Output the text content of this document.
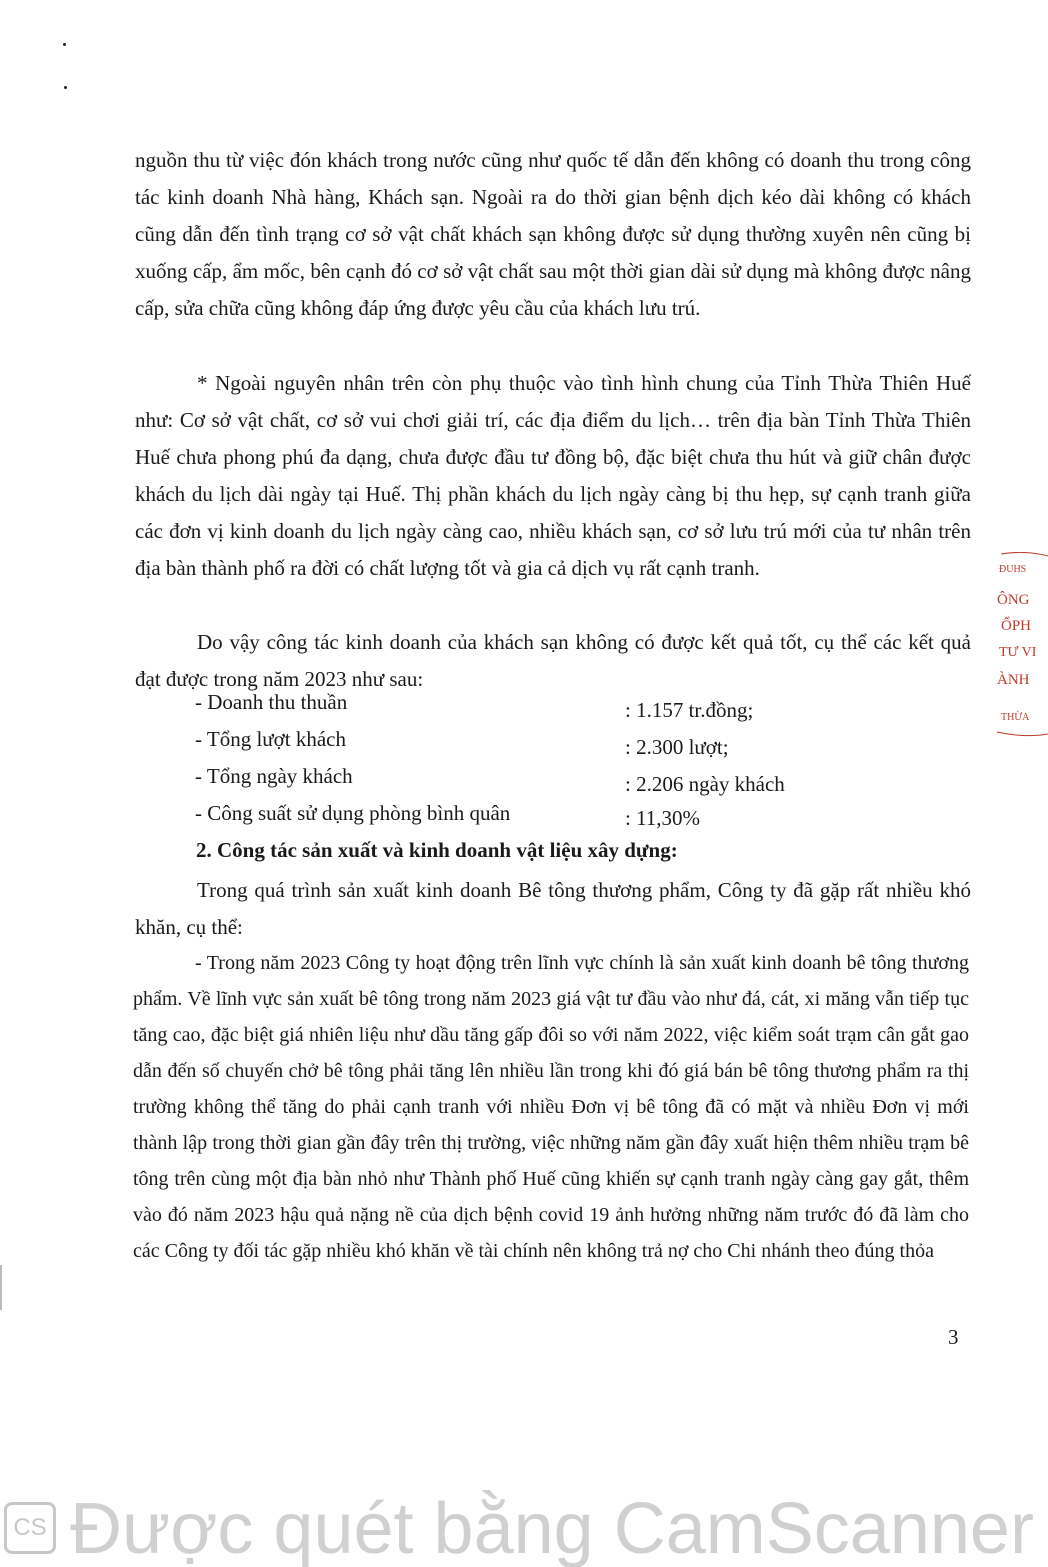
nguồn thu từ việc đón khách trong nước cũng như quốc tế dẫn đến không có doanh thu trong công tác kinh doanh Nhà hàng, Khách sạn. Ngoài ra do thời gian bệnh dịch kéo dài không có khách cũng dẫn đến tình trạng cơ sở vật chất khách sạn không được sử dụng thường xuyên nên cũng bị xuống cấp, ẩm mốc, bên cạnh đó cơ sở vật chất sau một thời gian dài sử dụng mà không được nâng cấp, sửa chữa cũng không đáp ứng được yêu cầu của khách lưu trú.
* Ngoài nguyên nhân trên còn phụ thuộc vào tình hình chung của Tỉnh Thừa Thiên Huế như: Cơ sở vật chất, cơ sở vui chơi giải trí, các địa điểm du lịch… trên địa bàn Tỉnh Thừa Thiên Huế chưa phong phú đa dạng, chưa được đầu tư đồng bộ, đặc biệt chưa thu hút và giữ chân được khách du lịch dài ngày tại Huế. Thị phần khách du lịch ngày càng bị thu hẹp, sự cạnh tranh giữa các đơn vị kinh doanh du lịch ngày càng cao, nhiều khách sạn, cơ sở lưu trú mới của tư nhân trên địa bàn thành phố ra đời có chất lượng tốt và gia cả dịch vụ rất cạnh tranh.
Do vậy công tác kinh doanh của khách sạn không có được kết quả tốt, cụ thể các kết quả đạt được trong năm 2023 như sau:
- Doanh thu thuần	: 1.157 tr.đồng;
- Tổng lượt khách	: 2.300 lượt;
- Tổng ngày khách	: 2.206 ngày khách
- Công suất sử dụng phòng bình quân	: 11,30%
2. Công tác sản xuất và kinh doanh vật liệu xây dựng:
Trong quá trình sản xuất kinh doanh Bê tông thương phẩm, Công ty đã gặp rất nhiều khó khăn, cụ thể:
- Trong năm 2023 Công ty hoạt động trên lĩnh vực chính là sản xuất kinh doanh bê tông thương phẩm. Về lĩnh vực sản xuất bê tông trong năm 2023 giá vật tư đầu vào như đá, cát, xi măng vẫn tiếp tục tăng cao, đặc biệt giá nhiên liệu như dầu tăng gấp đôi so với năm 2022, việc kiểm soát trạm cân gắt gao dẫn đến số chuyến chở bê tông phải tăng lên nhiều lần trong khi đó giá bán bê tông thương phẩm ra thị trường không thể tăng do phải cạnh tranh với nhiều Đơn vị bê tông đã có mặt và nhiều Đơn vị mới thành lập trong thời gian gần đây trên thị trường, việc những năm gần đây xuất hiện thêm nhiều trạm bê tông trên cùng một địa bàn nhỏ như Thành phố Huế cũng khiến sự cạnh tranh ngày càng gay gắt, thêm vào đó năm 2023 hậu quả nặng nề của dịch bệnh covid 19 ảnh hưởng những năm trước đó đã làm cho các Công ty đối tác gặp nhiều khó khăn về tài chính nên không trả nợ cho Chi nhánh theo đúng thỏa
3
ĐUHS
ÔNG
ỔPH
TƯ VI
ÀNH
THỪA
CS Được quét bằng CamScanner
